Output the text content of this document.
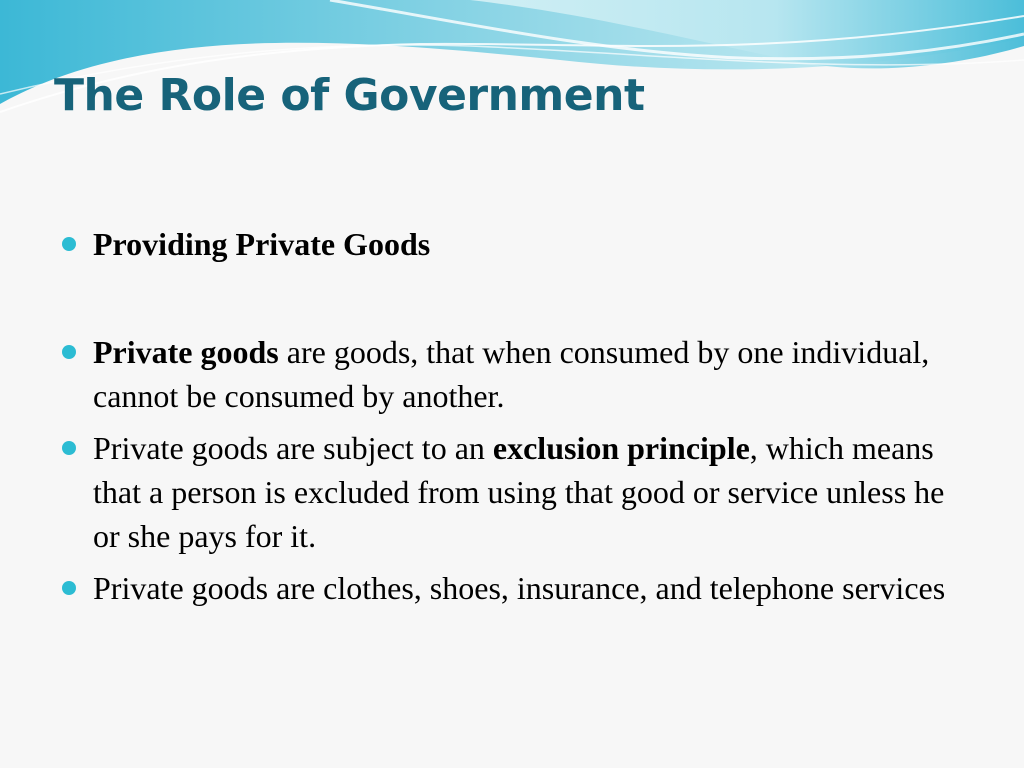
The Role of Government
Providing Private Goods
Private goods are goods, that when consumed by one individual, cannot be consumed by another.
Private goods are subject to an exclusion principle, which means that a person is excluded from using that good or service unless he or she pays for it.
Private goods are clothes, shoes, insurance, and telephone services
